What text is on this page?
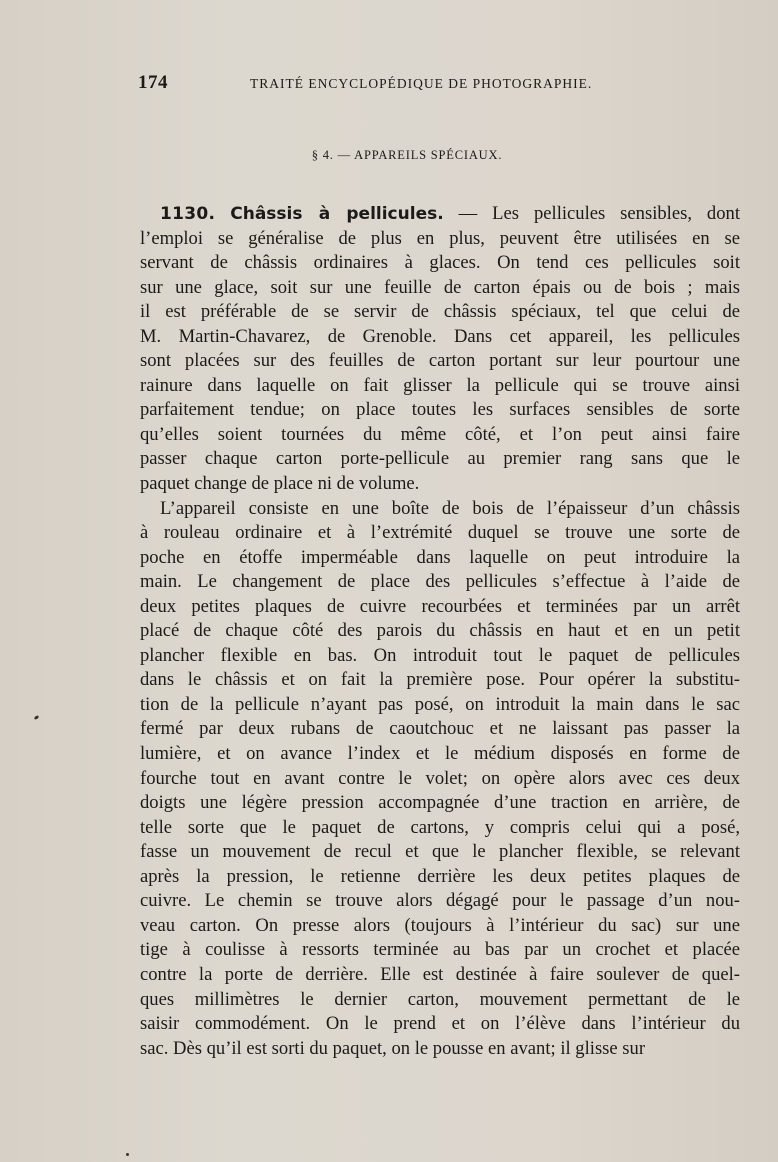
174	TRAITÉ ENCYCLOPÉDIQUE DE PHOTOGRAPHIE.
§ 4. — APPAREILS SPÉCIAUX.
1130. Châssis à pellicules. — Les pellicules sensibles, dont
l’emploi se généralise de plus en plus, peuvent être utilisées en se
servant de châssis ordinaires à glaces. On tend ces pellicules soit
sur une glace, soit sur une feuille de carton épais ou de bois ; mais
il est préférable de se servir de châssis spéciaux, tel que celui de
M. Martin-Chavarez, de Grenoble. Dans cet appareil, les pellicules
sont placées sur des feuilles de carton portant sur leur pourtour une
rainure dans laquelle on fait glisser la pellicule qui se trouve ainsi
parfaitement tendue; on place toutes les surfaces sensibles de sorte
qu’elles soient tournées du même côté, et l’on peut ainsi faire
passer chaque carton porte-pellicule au premier rang sans que le
paquet change de place ni de volume.
L’appareil consiste en une boîte de bois de l’épaisseur d’un châssis
à rouleau ordinaire et à l’extrémité duquel se trouve une sorte de
poche en étoffe imperméable dans laquelle on peut introduire la
main. Le changement de place des pellicules s’effectue à l’aide de
deux petites plaques de cuivre recourbées et terminées par un arrêt
placé de chaque côté des parois du châssis en haut et en un petit
plancher flexible en bas. On introduit tout le paquet de pellicules
dans le châssis et on fait la première pose. Pour opérer la substitu-
tion de la pellicule n’ayant pas posé, on introduit la main dans le sac
fermé par deux rubans de caoutchouc et ne laissant pas passer la
lumière, et on avance l’index et le médium disposés en forme de
fourche tout en avant contre le volet; on opère alors avec ces deux
doigts une légère pression accompagnée d’une traction en arrière, de
telle sorte que le paquet de cartons, y compris celui qui a posé,
fasse un mouvement de recul et que le plancher flexible, se relevant
après la pression, le retienne derrière les deux petites plaques de
cuivre. Le chemin se trouve alors dégagé pour le passage d’un nou-
veau carton. On presse alors (toujours à l’intérieur du sac) sur une
tige à coulisse à ressorts terminée au bas par un crochet et placée
contre la porte de derrière. Elle est destinée à faire soulever de quel-
ques millimètres le dernier carton, mouvement permettant de le
saisir commodément. On le prend et on l’élève dans l’intérieur du
sac. Dès qu’il est sorti du paquet, on le pousse en avant; il glisse sur
